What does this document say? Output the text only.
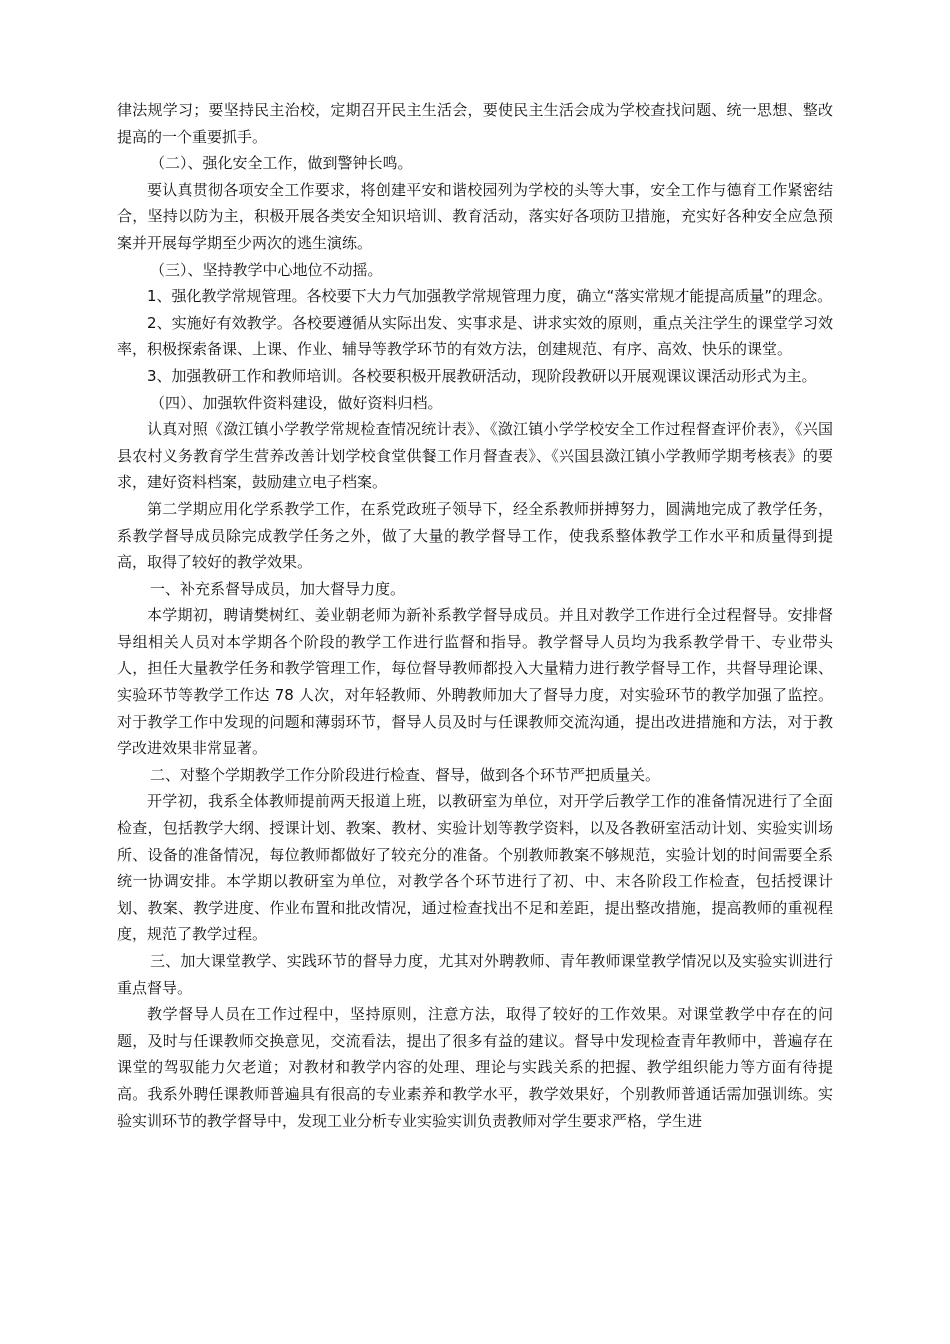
律法规学习；要坚持民主治校，定期召开民主生活会，要使民主生活会成为学校查找问题、统一思想、整改提高的一个重要抓手。

（二）、强化安全工作，做到警钟长鸣。

要认真贯彻各项安全工作要求，将创建平安和谐校园列为学校的头等大事，安全工作与德育工作紧密结合，坚持以防为主，积极开展各类安全知识培训、教育活动，落实好各项防卫措施，充实好各种安全应急预案并开展每学期至少两次的逃生演练。

（三）、坚持教学中心地位不动摇。

1、强化教学常规管理。各校要下大力气加强教学常规管理力度，确立“落实常规才能提高质量”的理念。

2、实施好有效教学。各校要遵循从实际出发、实事求是、讲求实效的原则，重点关注学生的课堂学习效率，积极探索备课、上课、作业、辅导等教学环节的有效方法，创建规范、有序、高效、快乐的课堂。

3、加强教研工作和教师培训。各校要积极开展教研活动，现阶段教研以开展观课议课活动形式为主。

（四）、加强软件资料建设，做好资料归档。

认真对照《潋江镇小学教学常规检查情况统计表》、《潋江镇小学学校安全工作过程督查评价表》，《兴国县农村义务教育学生营养改善计划学校食堂供餐工作月督查表》、《兴国县潋江镇小学教师学期考核表》的要求，建好资料档案，鼓励建立电子档案。

第二学期应用化学系教学工作，在系党政班子领导下，经全系教师拼搏努力，圆满地完成了教学任务，系教学督导成员除完成教学任务之外，做了大量的教学督导工作，使我系整体教学工作水平和质量得到提高，取得了较好的教学效果。

一、补充系督导成员，加大督导力度。

本学期初，聘请樊树红、姜业朝老师为新补系教学督导成员。并且对教学工作进行全过程督导。安排督导组相关人员对本学期各个阶段的教学工作进行监督和指导。教学督导人员均为我系教学骨干、专业带头人，担任大量教学任务和教学管理工作，每位督导教师都投入大量精力进行教学督导工作，共督导理论课、实验环节等教学工作达 78 人次，对年轻教师、外聘教师加大了督导力度，对实验环节的教学加强了监控。对于教学工作中发现的问题和薄弱环节，督导人员及时与任课教师交流沟通，提出改进措施和方法，对于教学改进效果非常显著。

二、对整个学期教学工作分阶段进行检查、督导，做到各个环节严把质量关。

开学初，我系全体教师提前两天报道上班，以教研室为单位，对开学后教学工作的准备情况进行了全面检查，包括教学大纲、授课计划、教案、教材、实验计划等教学资料，以及各教研室活动计划、实验实训场所、设备的准备情况，每位教师都做好了较充分的准备。个别教师教案不够规范，实验计划的时间需要全系统一协调安排。本学期以教研室为单位，对教学各个环节进行了初、中、末各阶段工作检查，包括授课计划、教案、教学进度、作业布置和批改情况，通过检查找出不足和差距，提出整改措施，提高教师的重视程度，规范了教学过程。

三、加大课堂教学、实践环节的督导力度，尤其对外聘教师、青年教师课堂教学情况以及实验实训进行重点督导。

教学督导人员在工作过程中，坚持原则，注意方法，取得了较好的工作效果。对课堂教学中存在的问题，及时与任课教师交换意见，交流看法，提出了很多有益的建议。督导中发现检查青年教师中，普遍存在课堂的驾驭能力欠老道；对教材和教学内容的处理、理论与实践关系的把握、教学组织能力等方面有待提高。我系外聘任课教师普遍具有很高的专业素养和教学水平，教学效果好，个别教师普通话需加强训练。实验实训环节的教学督导中，发现工业分析专业实验实训负责教师对学生要求严格，学生进
